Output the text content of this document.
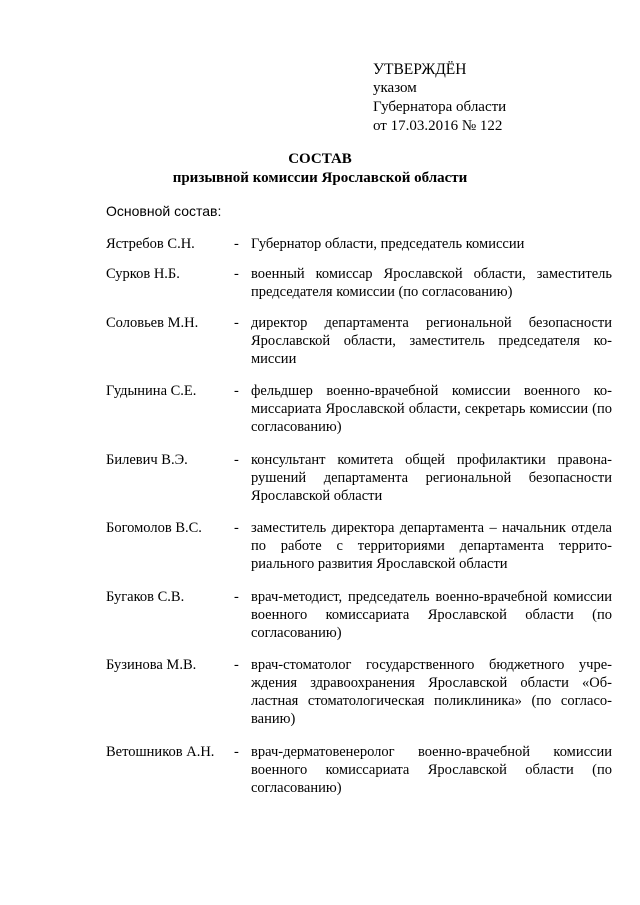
УТВЕРЖДЁН
указом
Губернатора области
от 17.03.2016 № 122
СОСТАВ
призывной комиссии Ярославской области
Основной состав:
Ястребов С.Н.	- Губернатор области, председатель комиссии
Сурков Н.Б.	- военный комиссар Ярославской области, заместитель председателя комиссии (по согласованию)
Соловьев М.Н. - директор департамента региональной безопасности Ярославской области, заместитель председателя комиссии
Гудынина С.Е.	- фельдшер военно-врачебной комиссии военного комиссариата Ярославской области, секретарь комиссии (по согласованию)
Билевич В.Э.	- консультант комитета общей профилактики правонарушений департамента региональной безопасности Ярославской области
Богомолов В.С. - заместитель директора департамента – начальник отдела по работе с территориями департамента территориального развития Ярославской области
Бугаков С.В.	- врач-методист, председатель военно-врачебной комиссии военного комиссариата Ярославской области (по согласованию)
Бузинова М.В.	- врач-стоматолог государственного бюджетного учреждения здравоохранения Ярославской области «Областная стоматологическая поликлиника» (по согласованию)
Ветошников А.Н. - врач-дерматовенеролог военно-врачебной комиссии военного комиссариата Ярославской области (по согласованию)
